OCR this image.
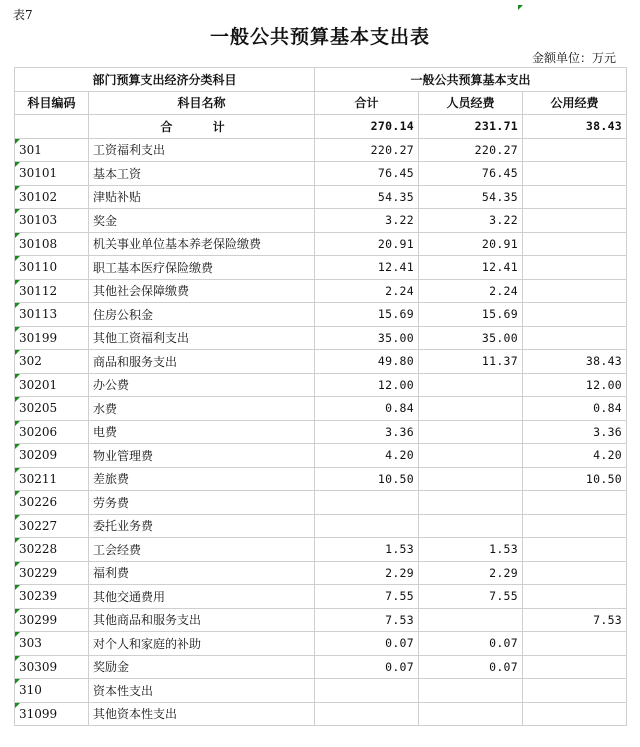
表7
一般公共预算基本支出表
金额单位：万元
部门预算支出经济分类科目		一般公共预算基本支出		
科目编码	科目名称	合计	人员经费	公用经费
	合 计	270.14	231.71	38.43
301	工资福利支出	220.27	220.27	
30101	基本工资	76.45	76.45	
30102	津贴补贴	54.35	54.35	
30103	奖金	3.22	3.22	
30108	机关事业单位基本养老保险缴费	20.91	20.91	
30110	职工基本医疗保险缴费	12.41	12.41	
30112	其他社会保障缴费	2.24	2.24	
30113	住房公积金	15.69	15.69	
30199	其他工资福利支出	35.00	35.00	
302	商品和服务支出	49.80	11.37	38.43
30201	办公费	12.00		12.00
30205	水费	0.84		0.84
30206	电费	3.36		3.36
30209	物业管理费	4.20		4.20
30211	差旅费	10.50		10.50
30226	劳务费			
30227	委托业务费			
30228	工会经费	1.53	1.53	
30229	福利费	2.29	2.29	
30239	其他交通费用	7.55	7.55	
30299	其他商品和服务支出	7.53		7.53
303	对个人和家庭的补助	0.07	0.07	
30309	奖励金	0.07	0.07	
310	资本性支出			
31099	其他资本性支出			
